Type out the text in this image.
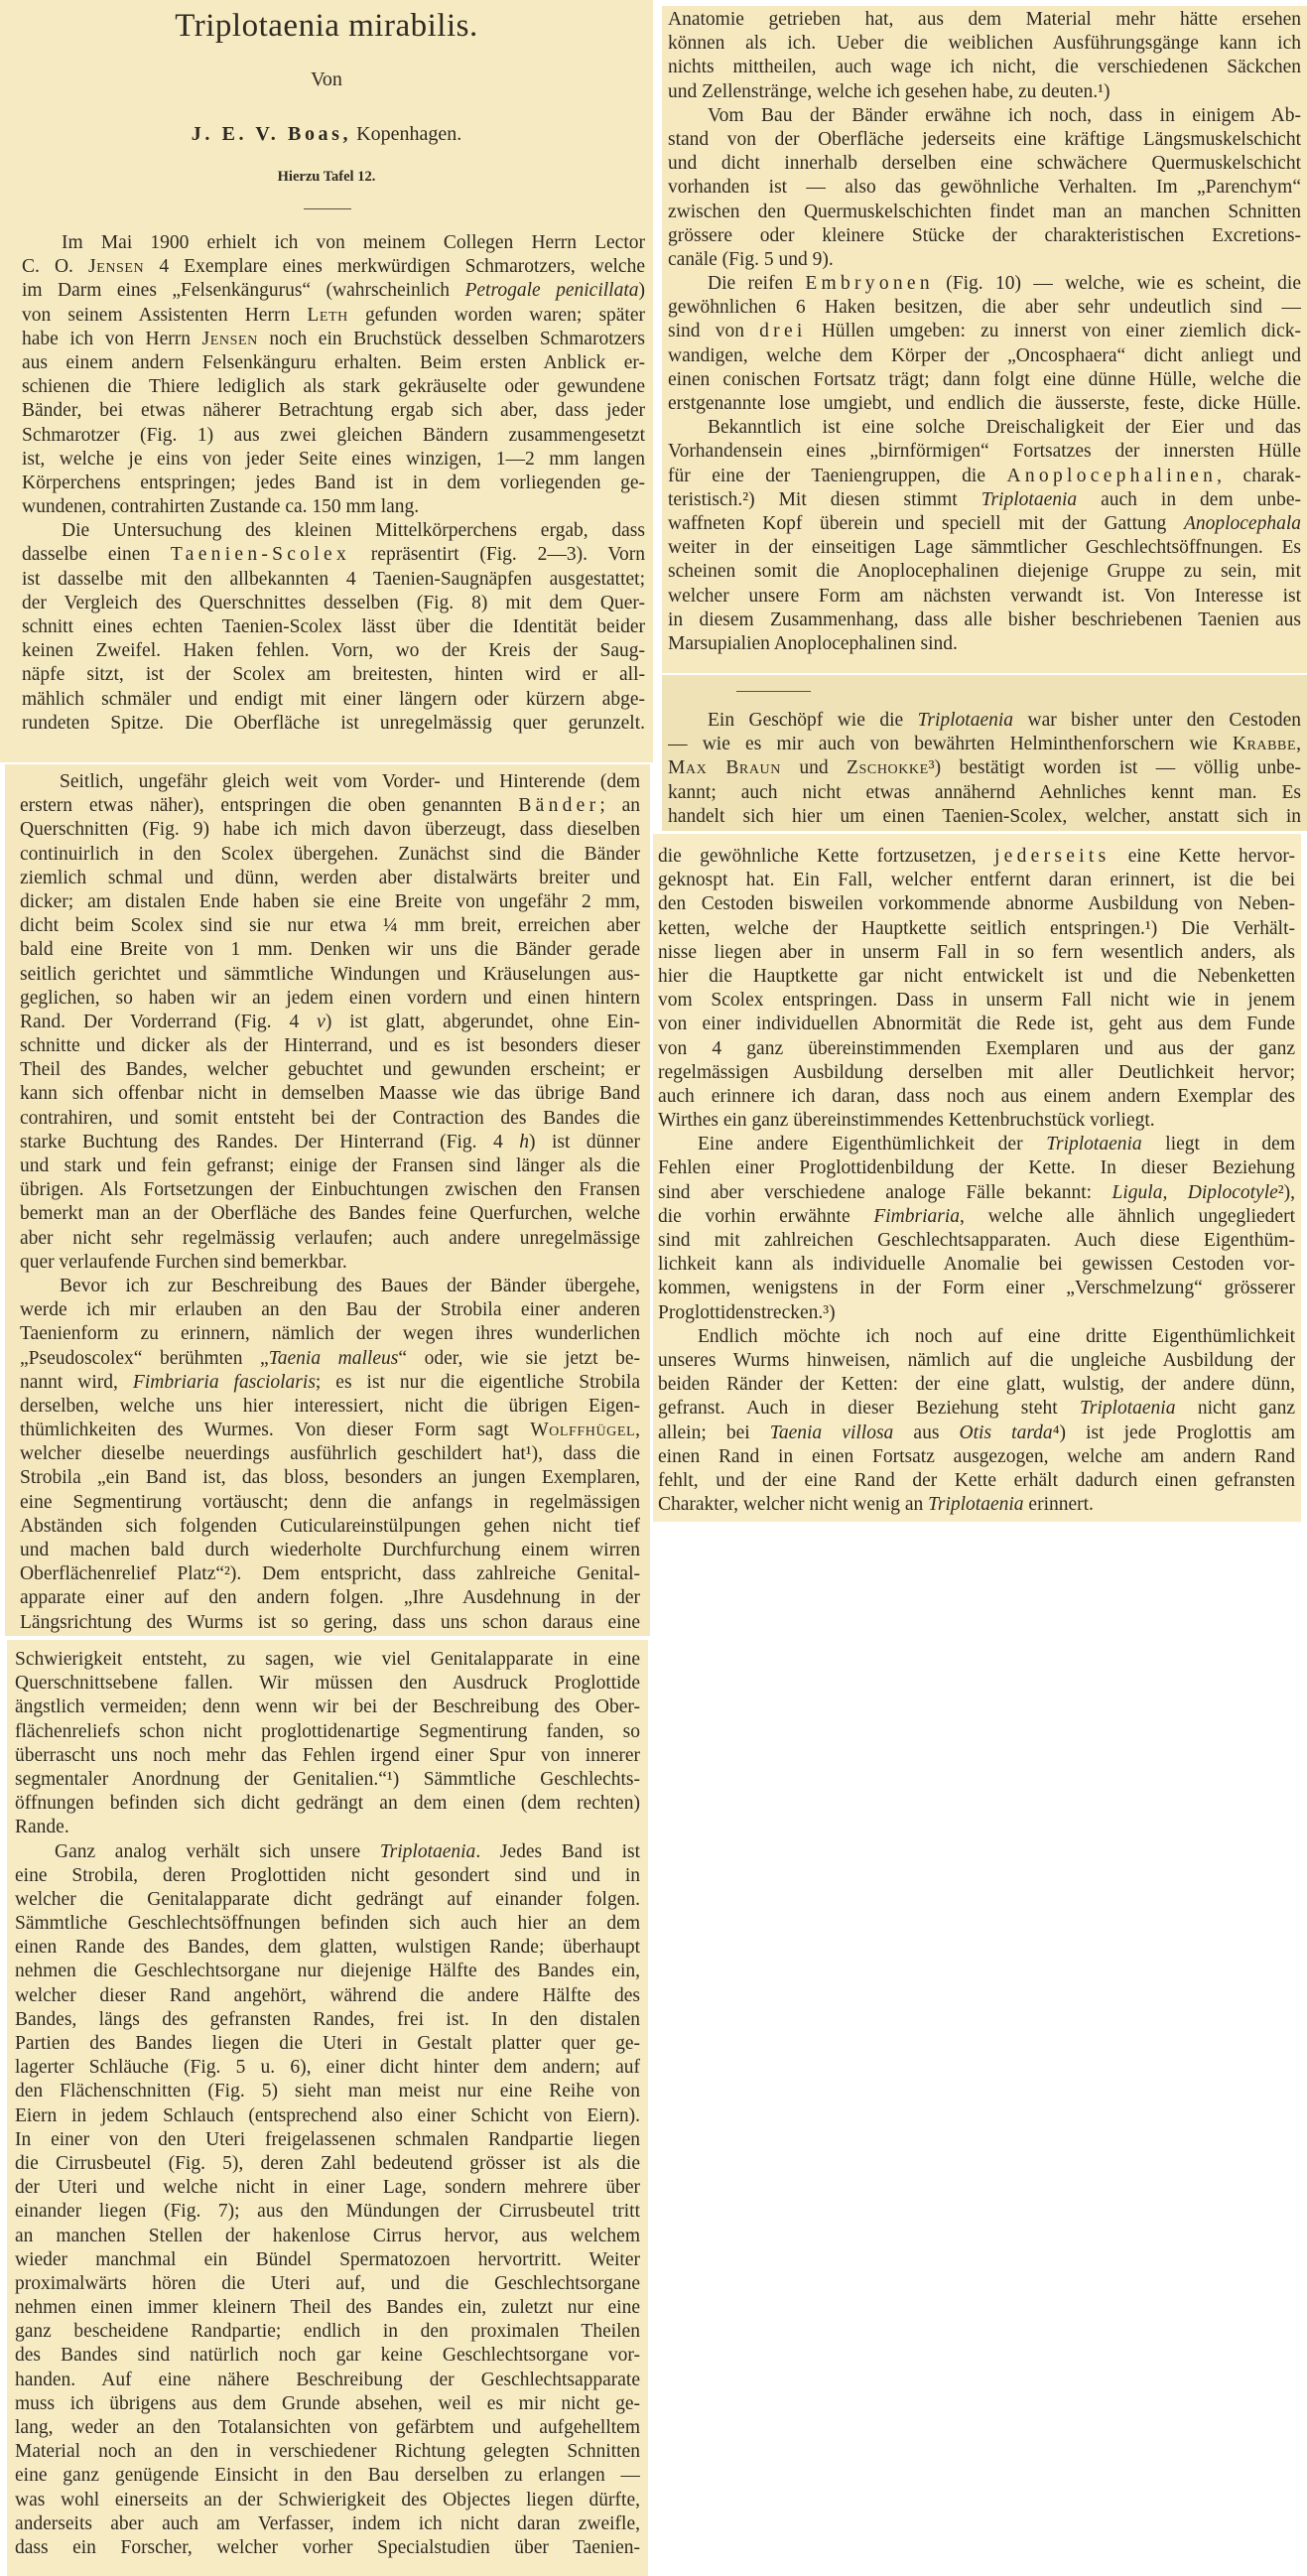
Triplotaenia mirabilis.
Von
J. E. V. Boas, Kopenhagen.
Hierzu Tafel 12.
Im Mai 1900 erhielt ich von meinem Collegen Herrn Lector
C. O. Jensen 4 Exemplare eines merkwürdigen Schmarotzers, welche
im Darm eines „Felsenkängurus“ (wahrscheinlich Petrogale penicillata)
von seinem Assistenten Herrn Leth gefunden worden waren; später
habe ich von Herrn Jensen noch ein Bruchstück desselben Schmarotzers
aus einem andern Felsenkänguru erhalten. Beim ersten Anblick er-
schienen die Thiere lediglich als stark gekräuselte oder gewundene
Bänder, bei etwas näherer Betrachtung ergab sich aber, dass jeder
Schmarotzer (Fig. 1) aus zwei gleichen Bändern zusammengesetzt
ist, welche je eins von jeder Seite eines winzigen, 1—2 mm langen
Körperchens entspringen; jedes Band ist in dem vorliegenden ge-
wundenen, contrahirten Zustande ca. 150 mm lang.
Die Untersuchung des kleinen Mittelkörperchens ergab, dass
dasselbe einen Taenien-Scolex repräsentirt (Fig. 2—3). Vorn
ist dasselbe mit den allbekannten 4 Taenien-Saugnäpfen ausgestattet;
der Vergleich des Querschnittes desselben (Fig. 8) mit dem Quer-
schnitt eines echten Taenien-Scolex lässt über die Identität beider
keinen Zweifel. Haken fehlen. Vorn, wo der Kreis der Saug-
näpfe sitzt, ist der Scolex am breitesten, hinten wird er all-
mählich schmäler und endigt mit einer längern oder kürzern abge-
rundeten Spitze. Die Oberfläche ist unregelmässig quer gerunzelt.
Seitlich, ungefähr gleich weit vom Vorder- und Hinterende (dem
erstern etwas näher), entspringen die oben genannten Bänder; an
Querschnitten (Fig. 9) habe ich mich davon überzeugt, dass dieselben
continuirlich in den Scolex übergehen. Zunächst sind die Bänder
ziemlich schmal und dünn, werden aber distalwärts breiter und
dicker; am distalen Ende haben sie eine Breite von ungefähr 2 mm,
dicht beim Scolex sind sie nur etwa ¼ mm breit, erreichen aber
bald eine Breite von 1 mm. Denken wir uns die Bänder gerade
seitlich gerichtet und sämmtliche Windungen und Kräuselungen aus-
geglichen, so haben wir an jedem einen vordern und einen hintern
Rand. Der Vorderrand (Fig. 4 v) ist glatt, abgerundet, ohne Ein-
schnitte und dicker als der Hinterrand, und es ist besonders dieser
Theil des Bandes, welcher gebuchtet und gewunden erscheint; er
kann sich offenbar nicht in demselben Maasse wie das übrige Band
contrahiren, und somit entsteht bei der Contraction des Bandes die
starke Buchtung des Randes. Der Hinterrand (Fig. 4 h) ist dünner
und stark und fein gefranst; einige der Fransen sind länger als die
übrigen. Als Fortsetzungen der Einbuchtungen zwischen den Fransen
bemerkt man an der Oberfläche des Bandes feine Querfurchen, welche
aber nicht sehr regelmässig verlaufen; auch andere unregelmässige
quer verlaufende Furchen sind bemerkbar.
Bevor ich zur Beschreibung des Baues der Bänder übergehe,
werde ich mir erlauben an den Bau der Strobila einer anderen
Taenienform zu erinnern, nämlich der wegen ihres wunderlichen
„Pseudoscolex“ berühmten „Taenia malleus“ oder, wie sie jetzt be-
nannt wird, Fimbriaria fasciolaris; es ist nur die eigentliche Strobila
derselben, welche uns hier interessiert, nicht die übrigen Eigen-
thümlichkeiten des Wurmes. Von dieser Form sagt Wolffhügel,
welcher dieselbe neuerdings ausführlich geschildert hat¹), dass die
Strobila „ein Band ist, das bloss, besonders an jungen Exemplaren,
eine Segmentirung vortäuscht; denn die anfangs in regelmässigen
Abständen sich folgenden Cuticulareinstülpungen gehen nicht tief
und machen bald durch wiederholte Durchfurchung einem wirren
Oberflächenrelief Platz“²). Dem entspricht, dass zahlreiche Genital-
apparate einer auf den andern folgen. „Ihre Ausdehnung in der
Längsrichtung des Wurms ist so gering, dass uns schon daraus eine
Schwierigkeit entsteht, zu sagen, wie viel Genitalapparate in eine
Querschnittsebene fallen. Wir müssen den Ausdruck Proglottide
ängstlich vermeiden; denn wenn wir bei der Beschreibung des Ober-
flächenreliefs schon nicht proglottidenartige Segmentirung fanden, so
überrascht uns noch mehr das Fehlen irgend einer Spur von innerer
segmentaler Anordnung der Genitalien.“¹) Sämmtliche Geschlechts-
öffnungen befinden sich dicht gedrängt an dem einen (dem rechten)
Rande.
Ganz analog verhält sich unsere Triplotaenia. Jedes Band ist
eine Strobila, deren Proglottiden nicht gesondert sind und in
welcher die Genitalapparate dicht gedrängt auf einander folgen.
Sämmtliche Geschlechtsöffnungen befinden sich auch hier an dem
einen Rande des Bandes, dem glatten, wulstigen Rande; überhaupt
nehmen die Geschlechtsorgane nur diejenige Hälfte des Bandes ein,
welcher dieser Rand angehört, während die andere Hälfte des
Bandes, längs des gefransten Randes, frei ist. In den distalen
Partien des Bandes liegen die Uteri in Gestalt platter quer ge-
lagerter Schläuche (Fig. 5 u. 6), einer dicht hinter dem andern; auf
den Flächenschnitten (Fig. 5) sieht man meist nur eine Reihe von
Eiern in jedem Schlauch (entsprechend also einer Schicht von Eiern).
In einer von den Uteri freigelassenen schmalen Randpartie liegen
die Cirrusbeutel (Fig. 5), deren Zahl bedeutend grösser ist als die
der Uteri und welche nicht in einer Lage, sondern mehrere über
einander liegen (Fig. 7); aus den Mündungen der Cirrusbeutel tritt
an manchen Stellen der hakenlose Cirrus hervor, aus welchem
wieder manchmal ein Bündel Spermatozoen hervortritt. Weiter
proximalwärts hören die Uteri auf, und die Geschlechtsorgane
nehmen einen immer kleinern Theil des Bandes ein, zuletzt nur eine
ganz bescheidene Randpartie; endlich in den proximalen Theilen
des Bandes sind natürlich noch gar keine Geschlechtsorgane vor-
handen. Auf eine nähere Beschreibung der Geschlechtsapparate
muss ich übrigens aus dem Grunde absehen, weil es mir nicht ge-
lang, weder an den Totalansichten von gefärbtem und aufgehelltem
Material noch an den in verschiedener Richtung gelegten Schnitten
eine ganz genügende Einsicht in den Bau derselben zu erlangen —
was wohl einerseits an der Schwierigkeit des Objectes liegen dürfte,
anderseits aber auch am Verfasser, indem ich nicht daran zweifle,
dass ein Forscher, welcher vorher Specialstudien über Taenien-
Anatomie getrieben hat, aus dem Material mehr hätte ersehen
können als ich. Ueber die weiblichen Ausführungsgänge kann ich
nichts mittheilen, auch wage ich nicht, die verschiedenen Säckchen
und Zellenstränge, welche ich gesehen habe, zu deuten.¹)
Vom Bau der Bänder erwähne ich noch, dass in einigem Ab-
stand von der Oberfläche jederseits eine kräftige Längsmuskelschicht
und dicht innerhalb derselben eine schwächere Quermuskelschicht
vorhanden ist — also das gewöhnliche Verhalten. Im „Parenchym“
zwischen den Quermuskelschichten findet man an manchen Schnitten
grössere oder kleinere Stücke der charakteristischen Excretions-
canäle (Fig. 5 und 9).
Die reifen Embryonen (Fig. 10) — welche, wie es scheint, die
gewöhnlichen 6 Haken besitzen, die aber sehr undeutlich sind —
sind von drei Hüllen umgeben: zu innerst von einer ziemlich dick-
wandigen, welche dem Körper der „Oncosphaera“ dicht anliegt und
einen conischen Fortsatz trägt; dann folgt eine dünne Hülle, welche die
erstgenannte lose umgiebt, und endlich die äusserste, feste, dicke Hülle.
Bekanntlich ist eine solche Dreischaligkeit der Eier und das
Vorhandensein eines „birnförmigen“ Fortsatzes der innersten Hülle
für eine der Taeniengruppen, die Anoplocephalinen, charak-
teristisch.²) Mit diesen stimmt Triplotaenia auch in dem unbe-
waffneten Kopf überein und speciell mit der Gattung Anoplocephala
weiter in der einseitigen Lage sämmtlicher Geschlechtsöffnungen. Es
scheinen somit die Anoplocephalinen diejenige Gruppe zu sein, mit
welcher unsere Form am nächsten verwandt ist. Von Interesse ist
in diesem Zusammenhang, dass alle bisher beschriebenen Taenien aus
Marsupialien Anoplocephalinen sind.
Ein Geschöpf wie die Triplotaenia war bisher unter den Cestoden
— wie es mir auch von bewährten Helminthenforschern wie Krabbe,
Max Braun und Zschokke³) bestätigt worden ist — völlig unbe-
kannt; auch nicht etwas annähernd Aehnliches kennt man. Es
handelt sich hier um einen Taenien-Scolex, welcher, anstatt sich in
die gewöhnliche Kette fortzusetzen, jederseits eine Kette hervor-
geknospt hat. Ein Fall, welcher entfernt daran erinnert, ist die bei
den Cestoden bisweilen vorkommende abnorme Ausbildung von Neben-
ketten, welche der Hauptkette seitlich entspringen.¹) Die Verhält-
nisse liegen aber in unserm Fall in so fern wesentlich anders, als
hier die Hauptkette gar nicht entwickelt ist und die Nebenketten
vom Scolex entspringen. Dass in unserm Fall nicht wie in jenem
von einer individuellen Abnormität die Rede ist, geht aus dem Funde
von 4 ganz übereinstimmenden Exemplaren und aus der ganz
regelmässigen Ausbildung derselben mit aller Deutlichkeit hervor;
auch erinnere ich daran, dass noch aus einem andern Exemplar des
Wirthes ein ganz übereinstimmendes Kettenbruchstück vorliegt.
Eine andere Eigenthümlichkeit der Triplotaenia liegt in dem
Fehlen einer Proglottidenbildung der Kette. In dieser Beziehung
sind aber verschiedene analoge Fälle bekannt: Ligula, Diplocotyle²),
die vorhin erwähnte Fimbriaria, welche alle ähnlich ungegliedert
sind mit zahlreichen Geschlechtsapparaten. Auch diese Eigenthüm-
lichkeit kann als individuelle Anomalie bei gewissen Cestoden vor-
kommen, wenigstens in der Form einer „Verschmelzung“ grösserer
Proglottidenstrecken.³)
Endlich möchte ich noch auf eine dritte Eigenthümlichkeit
unseres Wurms hinweisen, nämlich auf die ungleiche Ausbildung der
beiden Ränder der Ketten: der eine glatt, wulstig, der andere dünn,
gefranst. Auch in dieser Beziehung steht Triplotaenia nicht ganz
allein; bei Taenia villosa aus Otis tarda⁴) ist jede Proglottis am
einen Rand in einen Fortsatz ausgezogen, welche am andern Rand
fehlt, und der eine Rand der Kette erhält dadurch einen gefransten
Charakter, welcher nicht wenig an Triplotaenia erinnert.
